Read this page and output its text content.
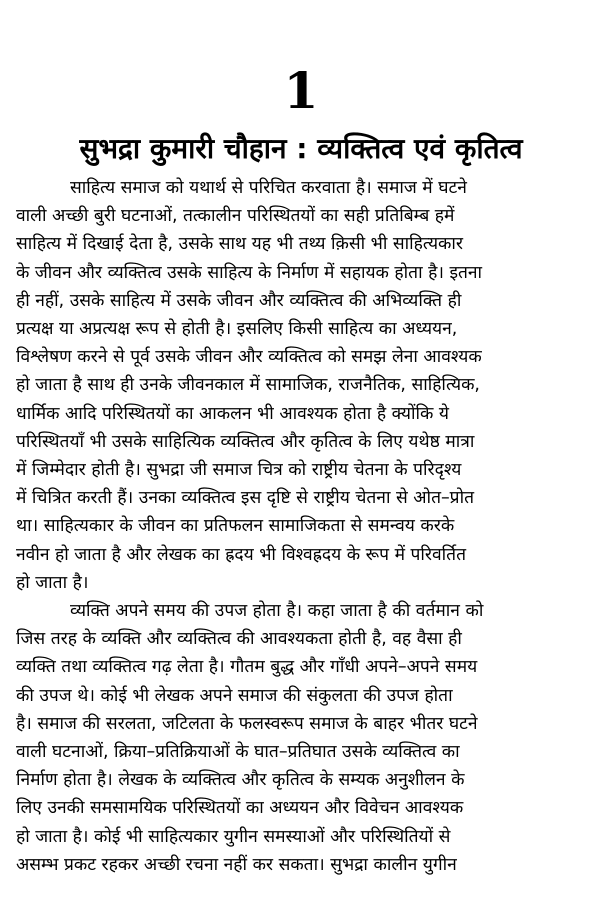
1
सुभद्रा कुमारी चौहान : व्यक्तित्व एवं कृतित्व
साहित्य समाज को यथार्थ से परिचित करवाता है। समाज में घटने
वाली अच्छी बुरी घटनाओं, तत्कालीन परिस्थितयों का सही प्रतिबिम्ब हमें
साहित्य में दिखाई देता है, उसके साथ यह भी तथ्य क़िसी भी साहित्यकार
के जीवन और व्यक्तित्व उसके साहित्य के निर्माण में सहायक होता है। इतना
ही नहीं, उसके साहित्य में उसके जीवन और व्यक्तित्व की अभिव्यक्ति ही
प्रत्यक्ष या अप्रत्यक्ष रूप से होती है। इसलिए किसी साहित्य का अध्ययन,
विश्लेषण करने से पूर्व उसके जीवन और व्यक्तित्व को समझ लेना आवश्यक
हो जाता है साथ ही उनके जीवनकाल में सामाजिक, राजनैतिक, साहित्यिक,
धार्मिक आदि परिस्थितयों का आकलन भी आवश्यक होता है क्योंकि ये
परिस्थितयाँ भी उसके साहित्यिक व्यक्तित्व और कृतित्व के लिए यथेष्ठ मात्रा
में जिम्मेदार होती है। सुभद्रा जी समाज चित्र को राष्ट्रीय चेतना के परिदृश्य
में चित्रित करती हैं। उनका व्यक्तित्व इस दृष्टि से राष्ट्रीय चेतना से ओत–प्रोत
था। साहित्यकार के जीवन का प्रतिफलन सामाजिकता से समन्वय करके
नवीन हो जाता है और लेखक का ह्रदय भी विश्वह्रदय के रूप में परिवर्तित
हो जाता है।
व्यक्ति अपने समय की उपज होता है। कहा जाता है की वर्तमान को
जिस तरह के व्यक्ति और व्यक्तित्व की आवश्यकता होती है, वह वैसा ही
व्यक्ति तथा व्यक्तित्व गढ़ लेता है। गौतम बुद्ध और गाँधी अपने–अपने समय
की उपज थे। कोई भी लेखक अपने समाज की संकुलता की उपज होता
है। समाज की सरलता, जटिलता के फलस्वरूप समाज के बाहर भीतर घटने
वाली घटनाओं, क्रिया–प्रतिक्रियाओं के घात–प्रतिघात उसके व्यक्तित्व का
निर्माण होता है। लेखक के व्यक्तित्व और कृतित्व के सम्यक अनुशीलन के
लिए उनकी समसामयिक परिस्थितयों का अध्ययन और विवेचन आवश्यक
हो जाता है। कोई भी साहित्यकार युगीन समस्याओं और परिस्थितियों से
असम्भ प्रकट रहकर अच्छी रचना नहीं कर सकता। सुभद्रा कालीन युगीन
